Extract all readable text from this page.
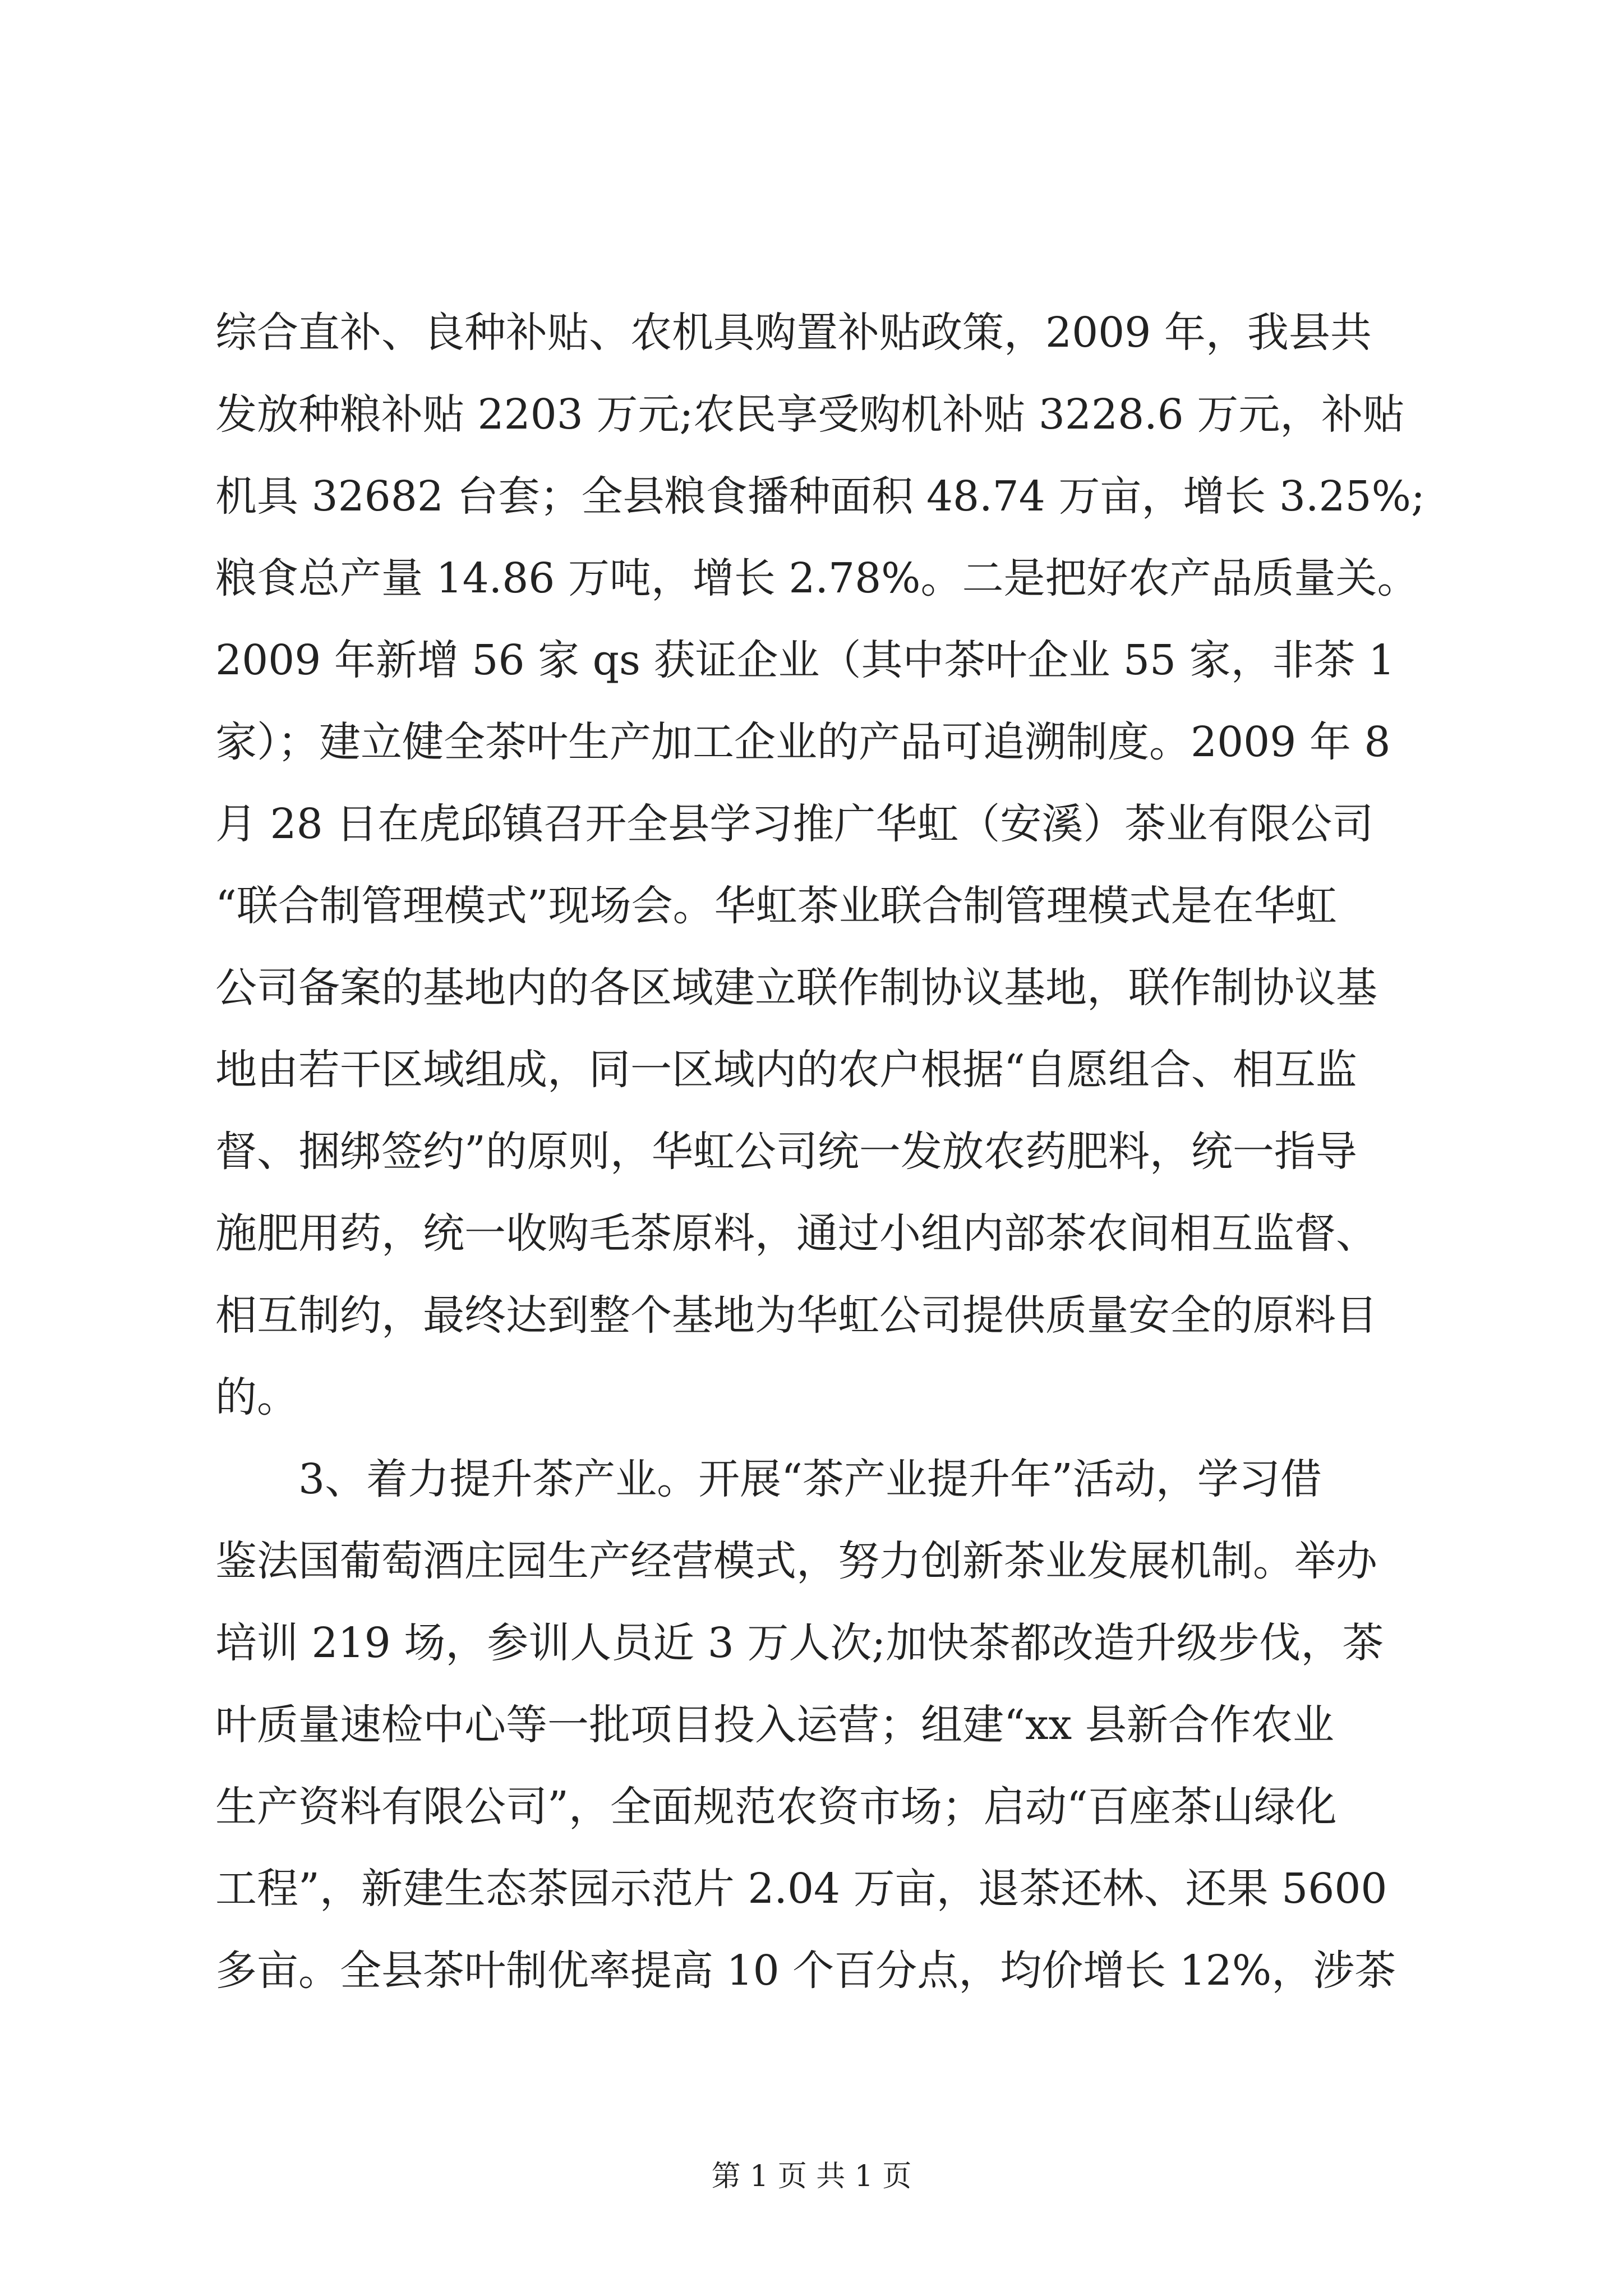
综合直补、良种补贴、农机具购置补贴政策，2009 年，我县共
发放种粮补贴 2203 万元;农民享受购机补贴 3228.6 万元，补贴
机具 32682 台套；全县粮食播种面积 48.74 万亩，增长 3.25%;
粮食总产量 14.86 万吨，增长 2.78%。二是把好农产品质量关。
2009 年新增 56 家 qs 获证企业（其中茶叶企业 55 家，非茶 1
家）；建立健全茶叶生产加工企业的产品可追溯制度。2009 年 8
月 28 日在虎邱镇召开全县学习推广华虹（安溪）茶业有限公司
“联合制管理模式”现场会。华虹茶业联合制管理模式是在华虹
公司备案的基地内的各区域建立联作制协议基地，联作制协议基
地由若干区域组成，同一区域内的农户根据“自愿组合、相互监
督、捆绑签约”的原则，华虹公司统一发放农药肥料，统一指导
施肥用药，统一收购毛茶原料，通过小组内部茶农间相互监督、
相互制约，最终达到整个基地为华虹公司提供质量安全的原料目
的。
3、着力提升茶产业。开展“茶产业提升年”活动，学习借
鉴法国葡萄酒庄园生产经营模式，努力创新茶业发展机制。举办
培训 219 场，参训人员近 3 万人次;加快茶都改造升级步伐，茶
叶质量速检中心等一批项目投入运营；组建“xx 县新合作农业
生产资料有限公司”，全面规范农资市场；启动“百座茶山绿化
工程”，新建生态茶园示范片 2.04 万亩，退茶还林、还果 5600
多亩。全县茶叶制优率提高 10 个百分点，均价增长 12%，涉茶
第 1 页 共 1 页
